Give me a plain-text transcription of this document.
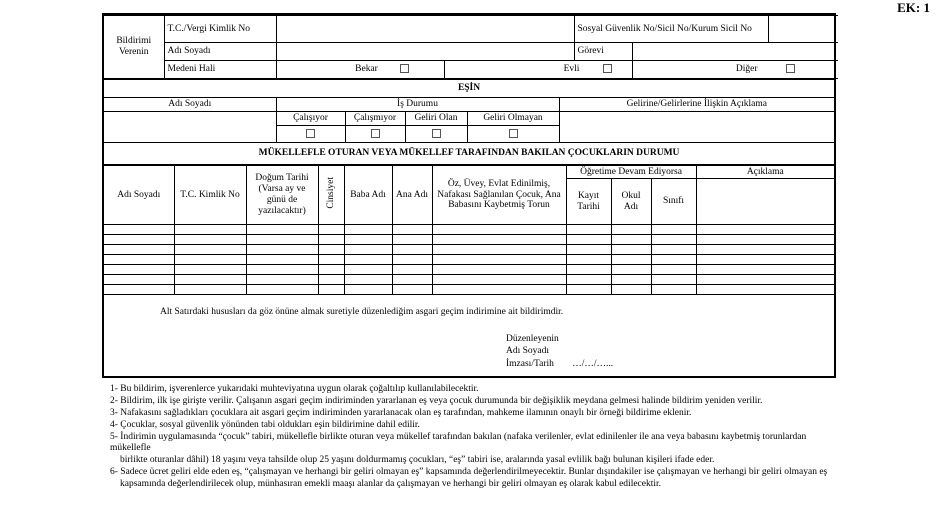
EK: 1
Bildirimi Verenin	T.C./Vergi Kimlik No			Sosyal Güvenlik No/Sicil No/Kurum Sicil No		
	Adı Soyadı			Görevi		
	Medeni Hali	Bekar	Evli		Diğer	
EŞİN					
Adı Soyadı	İş Durumu				Gelirine/Gelirlerine İlişkin Açıklama
	Çalışıyor	Çalışmıyor	Geliri Olan	Geliri Olmayan	

MÜKELLEFLE OTURAN VEYA MÜKELLEF TARAFINDAN BAKILAN ÇOCUKLARIN DURUMU					
Adı Soyadı	T.C. Kimlik No	Doğum Tarihi (Varsa ay ve günü de yazılacaktır)	Cinsiyet	Baba Adı	Ana Adı	Öz, Üvey, Evlat Edinilmiş, Nafakası Sağlanılan Çocuk, Ana Babasını Kaybetmiş Torun	Öğretime Devam Ediyorsa			Açıklama
							Kayıt Tarihi	Okul Adı	Sınıfı	

Alt Satırdaki hususları da göz önüne almak suretiyle düzenlediğim asgari geçim indirimine ait bildirimdir.
Düzenleyenin
Adı Soyadı
İmzası/Tarih …/…/…...
1- Bu bildirim, işverenlerce yukarıdaki muhteviyatına uygun olarak çoğaltılıp kullanılabilecektir.
2- Bildirim, ilk işe girişte verilir. Çalışanın asgari geçim indiriminden yararlanan eş veya çocuk durumunda bir değişiklik meydana gelmesi halinde bildirim yeniden verilir.
3- Nafakasını sağladıkları çocuklara ait asgari geçim indiriminden yararlanacak olan eş tarafından, mahkeme ilamının onaylı bir örneği bildirime eklenir.
4- Çocuklar, sosyal güvenlik yönünden tabi oldukları eşin bildirimine dahil edilir.
5- İndirimin uygulamasında “çocuk” tabiri, mükellefle birlikte oturan veya mükellef tarafından bakılan (nafaka verilenler, evlat edinilenler ile ana veya babasını kaybetmiş torunlardan mükellefle
birlikte oturanlar dâhil) 18 yaşını veya tahsilde olup 25 yaşını doldurmamış çocukları, “eş” tabiri ise, aralarında yasal evlilik bağı bulunan kişileri ifade eder.
6- Sadece ücret geliri elde eden eş, “çalışmayan ve herhangi bir geliri olmayan eş” kapsamında değerlendirilmeyecektir. Bunlar dışındakiler ise çalışmayan ve herhangi bir geliri olmayan eş
kapsamında değerlendirilecek olup, münhasıran emekli maaşı alanlar da çalışmayan ve herhangi bir geliri olmayan eş olarak kabul edilecektir.
